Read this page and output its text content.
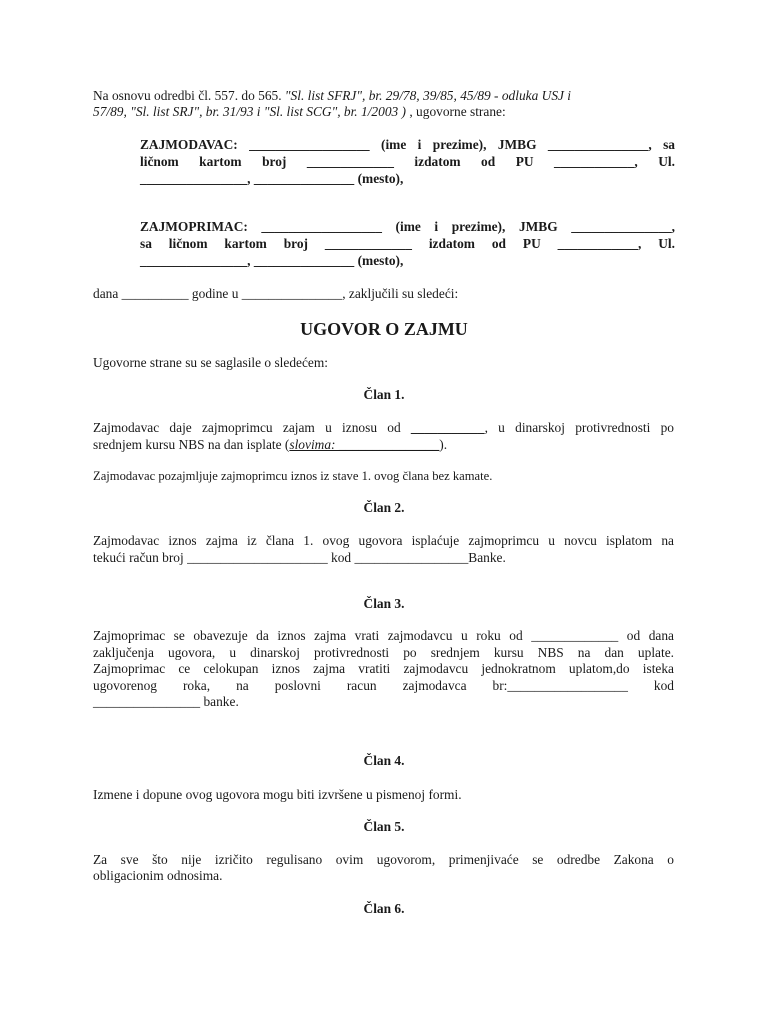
Na osnovu odredbi čl. 557. do 565. "Sl. list SFRJ", br. 29/78, 39/85, 45/89 - odluka USJ i
57/89, "Sl. list SRJ", br. 31/93 i "Sl. list SCG", br. 1/2003 ) , ugovorne strane:
ZAJMODAVAC: __________________ (ime i prezime), JMBG _______________, sa
ličnom kartom broj _____________ izdatom od PU ____________, Ul.
________________, _______________ (mesto),
ZAJMOPRIMAC: __________________ (ime i prezime), JMBG _______________,
sa ličnom kartom broj _____________ izdatom od PU ____________, Ul.
________________, _______________ (mesto),
dana __________ godine u _______________, zaključili su sledeći:
UGOVOR O ZAJMU
Ugovorne strane su se saglasile o sledećem:
Član 1.
Zajmodavac daje zajmoprimcu zajam u iznosu od ___________, u dinarskoj protivrednosti po
srednjem kursu NBS na dan isplate (slovima: _______________).
Zajmodavac pozajmljuje zajmoprimcu iznos iz stave 1. ovog člana bez kamate.
Član 2.
Zajmodavac iznos zajma iz člana 1. ovog ugovora isplaćuje zajmoprimcu u novcu isplatom na
tekući račun broj _____________________ kod _________________Banke.
Član 3.
Zajmoprimac se obavezuje da iznos zajma vrati zajmodavcu u roku od _____________ od dana
zaključenja ugovora, u dinarskoj protivrednosti po srednjem kursu NBS na dan uplate.
Zajmoprimac ce celokupan iznos zajma vratiti zajmodavcu jednokratnom uplatom,do isteka
ugovorenog roka, na poslovni racun zajmodavca br:__________________ kod
________________ banke.
Član 4.
Izmene i dopune ovog ugovora mogu biti izvršene u pismenoj formi.
Član 5.
Za sve što nije izričito regulisano ovim ugovorom, primenjivaće se odredbe Zakona o
obligacionim odnosima.
Član 6.
